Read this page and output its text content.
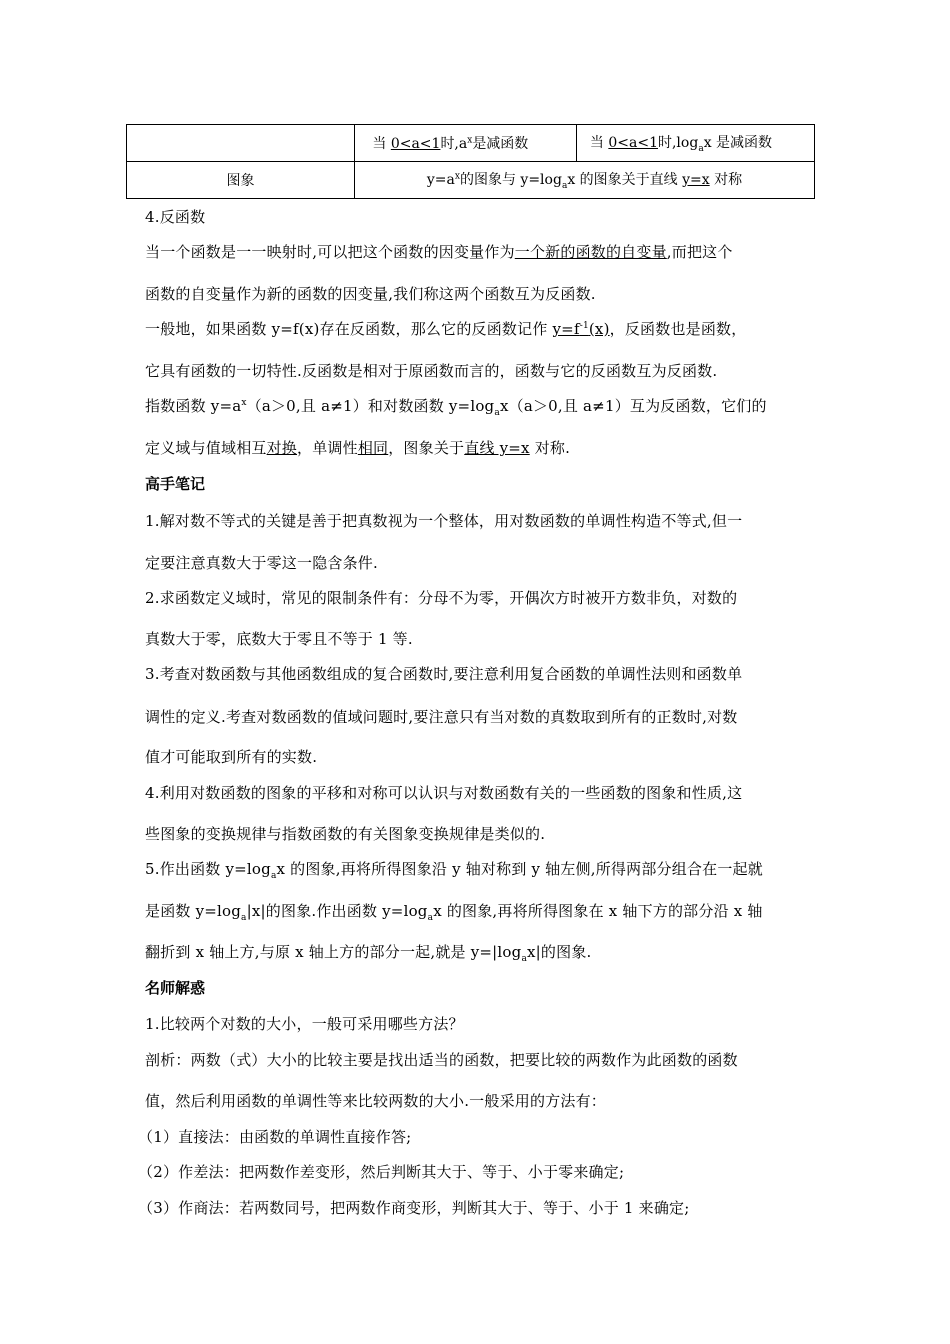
	当 0<a<1时$,a^x$是减函数	当 0<a<1时$,\log_ax$ 是减函数
图象	$y=a^x$的图象与 $y=\log_ax$ 的图象关于直线 y=x 对称	
4.反函数
当一个函数是一一映射时,可以把这个函数的因变量作为一个新的函数的自变量,而把这个
函数的自变量作为新的函数的因变量,我们称这两个函数互为反函数.
一般地，如果函数 y=f(x)存在反函数，那么它的反函数记作 $y=f^{-1}(x)$，反函数也是函数，
它具有函数的一切特性.反函数是相对于原函数而言的，函数与它的反函数互为反函数.
指数函数 $y=a^x(a>0$,且 a≠1）和对数函数 $y=\log_ax(a>0$,且 a≠1）互为反函数，它们的
定义域与值域相互对换，单调性相同，图象关于直线 y=x 对称.
高手笔记
1.解对数不等式的关键是善于把真数视为一个整体，用对数函数的单调性构造不等式,但一
定要注意真数大于零这一隐含条件.
2.求函数定义域时，常见的限制条件有：分母不为零，开偶次方时被开方数非负，对数的
真数大于零，底数大于零且不等于 1 等.
3.考查对数函数与其他函数组成的复合函数时,要注意利用复合函数的单调性法则和函数单
调性的定义.考查对数函数的值域问题时,要注意只有当对数的真数取到所有的正数时,对数
值才可能取到所有的实数.
4.利用对数函数的图象的平移和对称可以认识与对数函数有关的一些函数的图象和性质,这
些图象的变换规律与指数函数的有关图象变换规律是类似的.
5.作出函数 $y=\log_ax$ 的图象,再将所得图象沿 y 轴对称到 y 轴左侧,所得两部分组合在一起就
是函数 $y=\log_a|x|$的图象.作出函数 $y=\log_ax$ 的图象,再将所得图象在 x 轴下方的部分沿 x 轴
翻折到 x 轴上方,与原 x 轴上方的部分一起,就是 $y=|\log_ax|$的图象.
名师解惑
1.比较两个对数的大小，一般可采用哪些方法？
剖析：两数（式）大小的比较主要是找出适当的函数，把要比较的两数作为此函数的函数
值，然后利用函数的单调性等来比较两数的大小.一般采用的方法有：
（1）直接法：由函数的单调性直接作答;
（2）作差法：把两数作差变形，然后判断其大于、等于、小于零来确定;
（3）作商法：若两数同号，把两数作商变形，判断其大于、等于、小于 1 来确定;
